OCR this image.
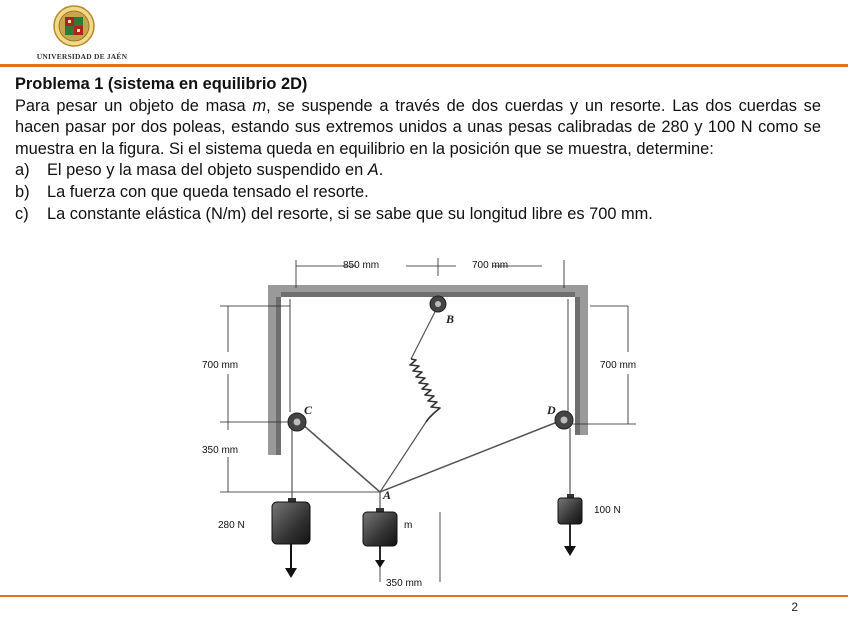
UNIVERSIDAD DE JAÉN
Problema 1 (sistema en equilibrio 2D)
Para pesar un objeto de masa m, se suspende a través de dos cuerdas y un resorte. Las dos cuerdas se hacen pasar por dos poleas, estando sus extremos unidos a unas pesas calibradas de 280 y 100 N como se muestra en la figura. Si el sistema queda en equilibrio en la posición que se muestra, determine:
a)	El peso y la masa del objeto suspendido en A.
b)	La fuerza con que queda tensado el resorte.
c)	La constante elástica (N/m) del resorte, si se sabe que su longitud libre es 700 mm.
850 mm	700 mm
700 mm
350 mm
700 mm
350 mm
B
C	D
A
280 N	m
100 N
2
